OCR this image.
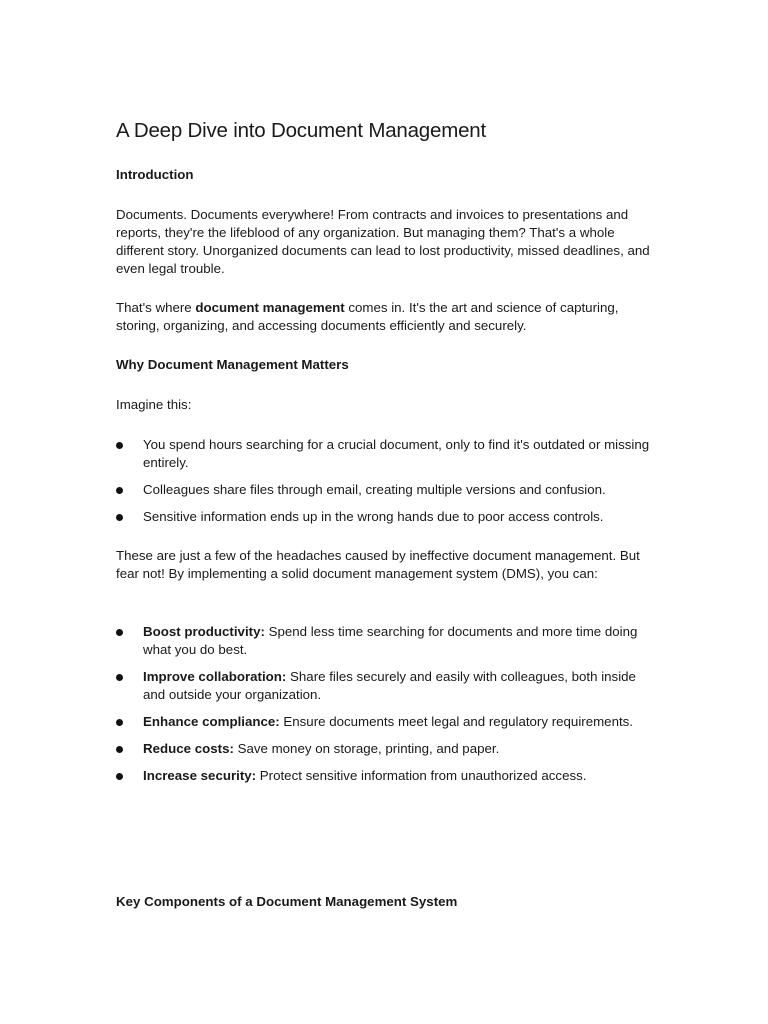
A Deep Dive into Document Management
Introduction

Documents. Documents everywhere! From contracts and invoices to presentations and reports, they're the lifeblood of any organization. But managing them? That's a whole different story. Unorganized documents can lead to lost productivity, missed deadlines, and even legal trouble.

That's where document management comes in. It's the art and science of capturing, storing, organizing, and accessing documents efficiently and securely.

Why Document Management Matters

Imagine this:

You spend hours searching for a crucial document, only to find it's outdated or missing entirely.
Colleagues share files through email, creating multiple versions and confusion.
Sensitive information ends up in the wrong hands due to poor access controls.

These are just a few of the headaches caused by ineffective document management. But fear not! By implementing a solid document management system (DMS), you can:

Boost productivity: Spend less time searching for documents and more time doing what you do best.
Improve collaboration: Share files securely and easily with colleagues, both inside and outside your organization.
Enhance compliance: Ensure documents meet legal and regulatory requirements.
Reduce costs: Save money on storage, printing, and paper.
Increase security: Protect sensitive information from unauthorized access.
Key Components of a Document Management System
